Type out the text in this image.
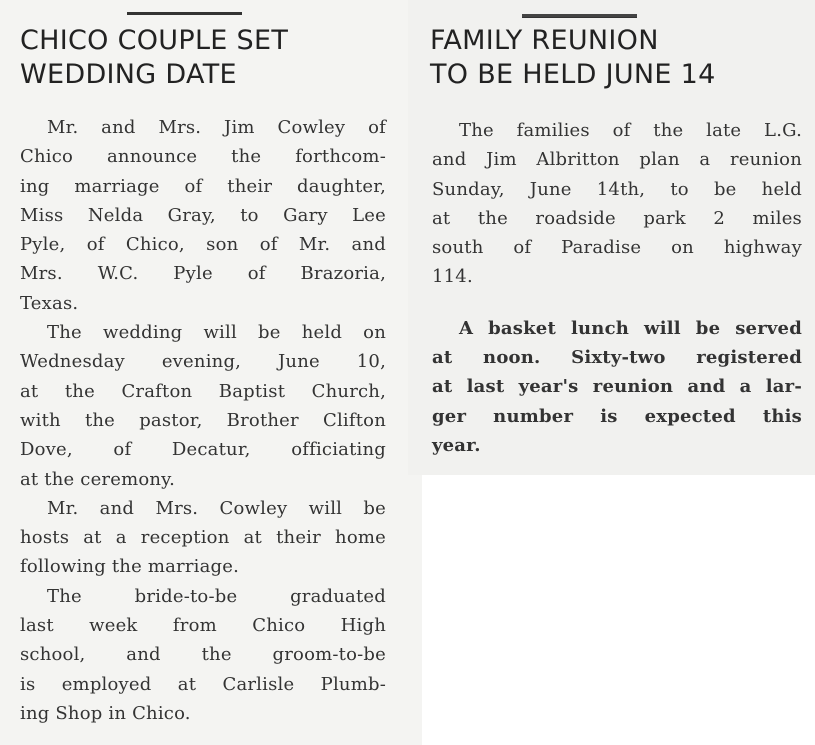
CHICO COUPLE SET
WEDDING DATE
Mr. and Mrs. Jim Cowley of
Chico announce the forthcom-
ing marriage of their daughter,
Miss Nelda Gray, to Gary Lee
Pyle, of Chico, son of Mr. and
Mrs. W.C. Pyle of Brazoria,
Texas.
The wedding will be held on
Wednesday evening, June 10,
at the Crafton Baptist Church,
with the pastor, Brother Clifton
Dove, of Decatur, officiating
at the ceremony.
Mr. and Mrs. Cowley will be
hosts at a reception at their home
following the marriage.
The bride-to-be graduated
last week from Chico High
school, and the groom-to-be
is employed at Carlisle Plumb-
ing Shop in Chico.
FAMILY REUNION
TO BE HELD JUNE 14
The families of the late L.G.
and Jim Albritton plan a reunion
Sunday, June 14th, to be held
at the roadside park 2 miles
south of Paradise on highway
114.
A basket lunch will be served
at noon. Sixty-two registered
at last year's reunion and a lar-
ger number is expected this
year.
